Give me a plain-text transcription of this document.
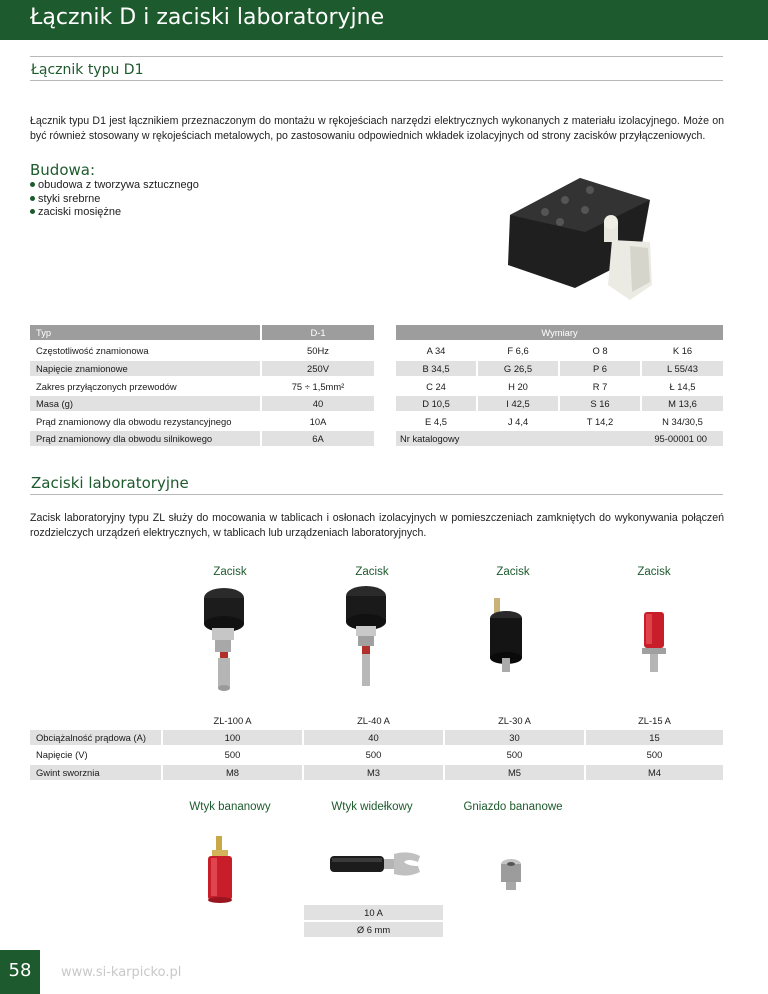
Łącznik D i zaciski laboratoryjne
Łącznik typu D1
Łącznik typu D1 jest łącznikiem przeznaczonym do montażu w rękojeściach narzędzi elektrycznych wykonanych z materiału izolacyjnego. Może on być również stosowany w rękojeściach metalowych, po zastosowaniu odpowiednich wkładek izolacyjnych od strony zacisków przyłączeniowych.
Budowa:
obudowa z tworzywa sztucznego
styki srebrne
zaciski mosiężne
Typ	D-1	Wymiary
Częstotliwość znamionowa	50Hz	A 34	F 6,6	O 8	K 16
Napięcie znamionowe	250V	B 34,5	G 26,5	P 6	L 55/43
Zakres przyłączonych przewodów	75 ÷ 1,5mm²	C 24	H 20	R 7	Ł 14,5
Masa (g)	40	D 10,5	I 42,5	S 16	M 13,6
Prąd znamionowy dla obwodu rezystancyjnego	10A	E 4,5	J 4,4	T 14,2	N 34/30,5
Prąd znamionowy dla obwodu silnikowego	6A	Nr katalogowy	95-00001 00
Zaciski laboratoryjne
Zacisk laboratoryjny typu ZL służy do mocowania w tablicach i osłonach izolacyjnych w pomieszczeniach zamkniętych do wykonywania połączeń rozdzielczych urządzeń elektrycznych, w tablicach lub urządzeniach laboratoryjnych.
Zacisk	Zacisk	Zacisk	Zacisk
ZL-100 A	ZL-40 A	ZL-30 A	ZL-15 A
Obciążalność prądowa (A)	100	40	30	15
Napięcie (V)	500	500	500	500
Gwint sworznia	M8	M3	M5	M4
Wtyk bananowy	Wtyk widełkowy	Gniazdo bananowe
10 A
Ø 6 mm
58	www.si-karpicko.pl
